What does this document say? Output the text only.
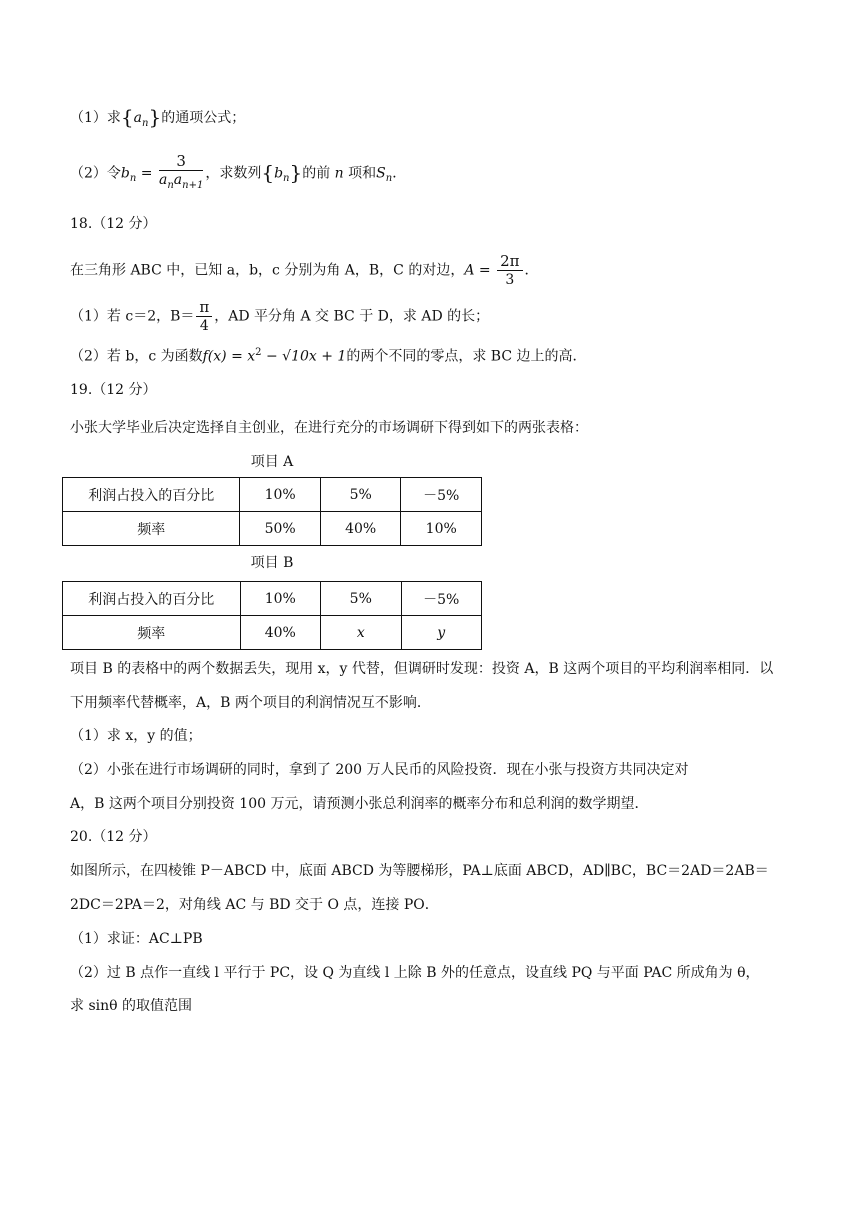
（1）求$\{a_n\}$的通项公式；
（2）令$b_n = \frac{3}{a_na_{n+1}}$ ，求数列$\{b_n\}$的前 n 项和$S_n$．
18.（12 分）
在三角形 ABC 中，已知 a，b，c 分别为角 A，B，C 的对边，$A = \frac{2\pi}{3}$ ．
（1）若 c＝2，$B= \frac{\pi}{4}$ ，AD 平分角 A 交 BC 于 D，求 AD 的长；
（2）若 b，c 为函数$f(x) = x^2 - √10x + 1$的两个不同的零点，求 BC 边上的高．
19.（12 分）
小张大学毕业后决定选择自主创业，在进行充分的市场调研下得到如下的两张表格：
项目 A
利润占投入的百分比	10%	5%	－5%
频率	50%	40%	10%
项目 B
利润占投入的百分比	10%	5%	－5%
频率	40%	x	y
项目 B 的表格中的两个数据丢失，现用 x，y 代替，但调研时发现：投资 A，B 这两个项目的平均利润率相同．以
下用频率代替概率，A，B 两个项目的利润情况互不影响．
（1）求 x，y 的值；
（2）小张在进行市场调研的同时，拿到了 200 万人民币的风险投资．现在小张与投资方共同决定对
A，B 这两个项目分别投资 100 万元，请预测小张总利润率的概率分布和总利润的数学期望．
20.（12 分）
如图所示，在四棱锥 P－ABCD 中，底面 ABCD 为等腰梯形，PA⊥底面 ABCD，AD∥BC，BC＝2AD＝2AB＝
2DC＝2PA＝2，对角线 AC 与 BD 交于 O 点，连接 PO．
（1）求证：AC⊥PB
（2）过 B 点作一直线 l 平行于 PC，设 Q 为直线 l 上除 B 外的任意点，设直线 PQ 与平面 PAC 所成角为 θ，
求 sinθ 的取值范围
